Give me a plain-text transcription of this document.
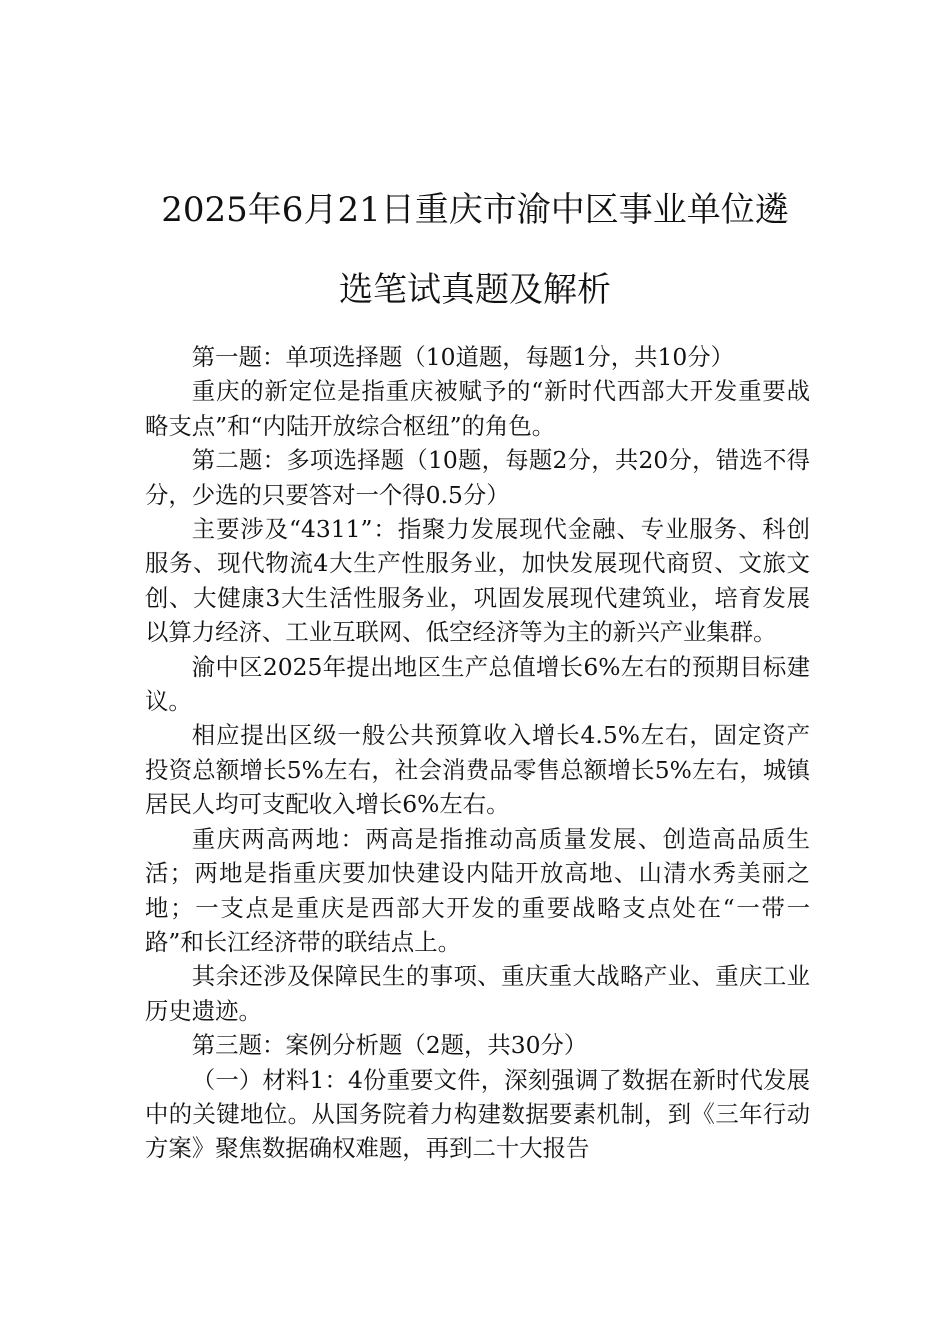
2025年6月21日重庆市渝中区事业单位遴
选笔试真题及解析

第一题：单项选择题（10道题，每题1分，共10分）

重庆的新定位是指重庆被赋予的“新时代西部大开发重要战略支点”和“内陆开放综合枢纽”的角色。

第二题：多项选择题（10题，每题2分，共20分，错选不得分，少选的只要答对一个得0.5分）

主要涉及“4311”：指聚力发展现代金融、专业服务、科创服务、现代物流4大生产性服务业，加快发展现代商贸、文旅文创、大健康3大生活性服务业，巩固发展现代建筑业，培育发展以算力经济、工业互联网、低空经济等为主的新兴产业集群。

渝中区2025年提出地区生产总值增长6%左右的预期目标建议。

相应提出区级一般公共预算收入增长4.5%左右，固定资产投资总额增长5%左右，社会消费品零售总额增长5%左右，城镇居民人均可支配收入增长6%左右。

重庆两高两地：两高是指推动高质量发展、创造高品质生活；两地是指重庆要加快建设内陆开放高地、山清水秀美丽之地；一支点是重庆是西部大开发的重要战略支点处在“一带一路”和长江经济带的联结点上。

其余还涉及保障民生的事项、重庆重大战略产业、重庆工业历史遗迹。

第三题：案例分析题（2题，共30分）

（一）材料1：4份重要文件，深刻强调了数据在新时代发展中的关键地位。从国务院着力构建数据要素机制，到《三年行动方案》聚焦数据确权难题，再到二十大报告
